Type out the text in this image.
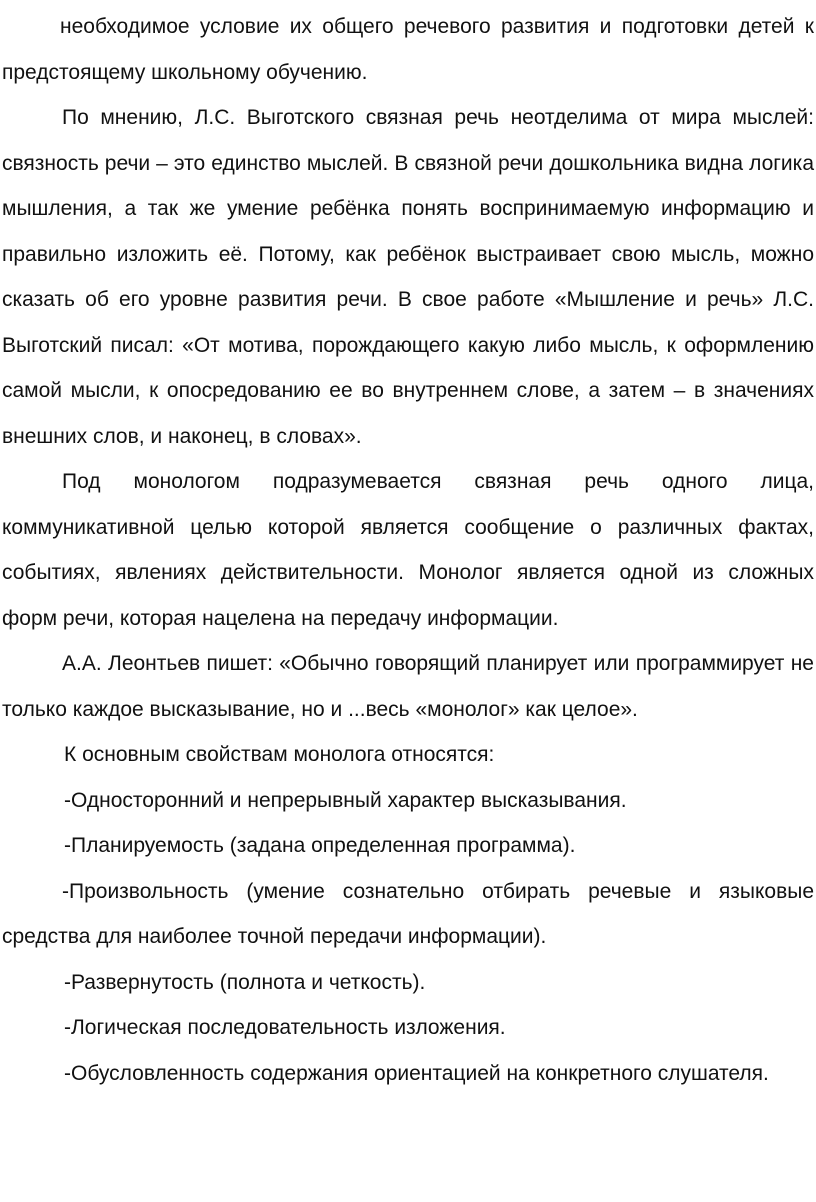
необходимое условие их общего речевого развития и подготовки детей к предстоящему школьному обучению.

По мнению, Л.С. Выготского связная речь неотделима от мира мыслей: связность речи – это единство мыслей. В связной речи дошкольника видна логика мышления, а так же умение ребёнка понять воспринимаемую информацию и правильно изложить её. Потому, как ребёнок выстраивает свою мысль, можно сказать об его уровне развития речи. В свое работе «Мышление и речь» Л.С. Выготский писал: «От мотива, порождающего какую либо мысль, к оформлению самой мысли, к опосредованию ее во внутреннем слове, а затем – в значениях внешних слов, и наконец, в словах».

Под монологом подразумевается связная речь одного лица, коммуникативной целью которой является сообщение о различных фактах, событиях, явлениях действительности. Монолог является одной из сложных форм речи, которая нацелена на передачу информации.

А.А. Леонтьев пишет: «Обычно говорящий планирует или программирует не только каждое высказывание, но и ...весь «монолог» как целое».

К основным свойствам монолога относятся:

-Односторонний и непрерывный характер высказывания.

-Планируемость (задана определенная программа).

-Произвольность (умение сознательно отбирать речевые и языковые средства для наиболее точной передачи информации).

-Развернутость (полнота и четкость).

-Логическая последовательность изложения.

-Обусловленность содержания ориентацией на конкретного слушателя.
